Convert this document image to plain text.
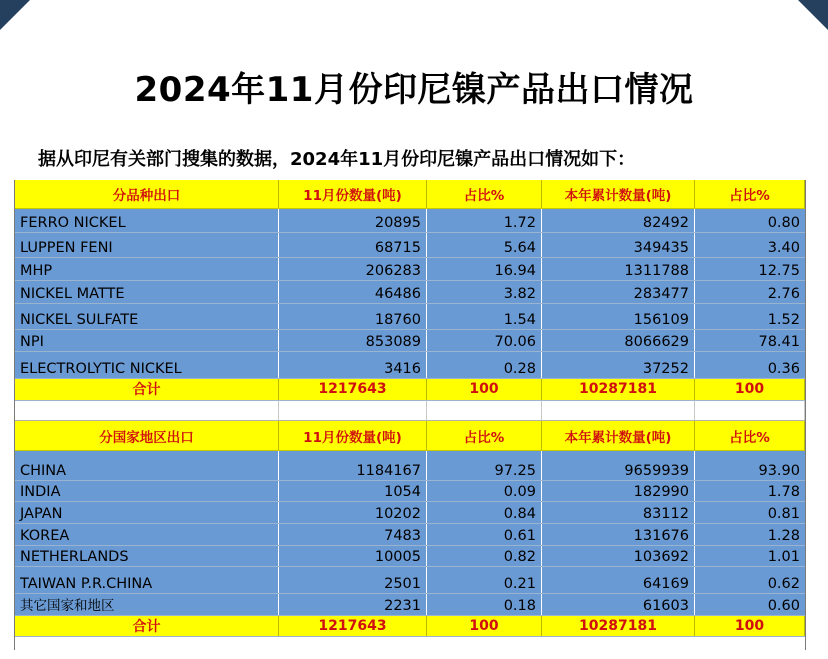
2024年11月份印尼镍产品出口情况
据从印尼有关部门搜集的数据，2024年11月份印尼镍产品出口情况如下：
分品种出口	11月份数量(吨)	占比%	本年累计数量(吨)	占比%
FERRO NICKEL	20895	1.72	82492	0.80
LUPPEN FENI	68715	5.64	349435	3.40
MHP	206283	16.94	1311788	12.75
NICKEL MATTE	46486	3.82	283477	2.76
NICKEL SULFATE	18760	1.54	156109	1.52
NPI	853089	70.06	8066629	78.41
ELECTROLYTIC NICKEL	3416	0.28	37252	0.36
合计	1217643	100	10287181	100
分国家地区出口	11月份数量(吨)	占比%	本年累计数量(吨)	占比%
CHINA	1184167	97.25	9659939	93.90
INDIA	1054	0.09	182990	1.78
JAPAN	10202	0.84	83112	0.81
KOREA	7483	0.61	131676	1.28
NETHERLANDS	10005	0.82	103692	1.01
TAIWAN P.R.CHINA	2501	0.21	64169	0.62
其它国家和地区	2231	0.18	61603	0.60
合计	1217643	100	10287181	100
